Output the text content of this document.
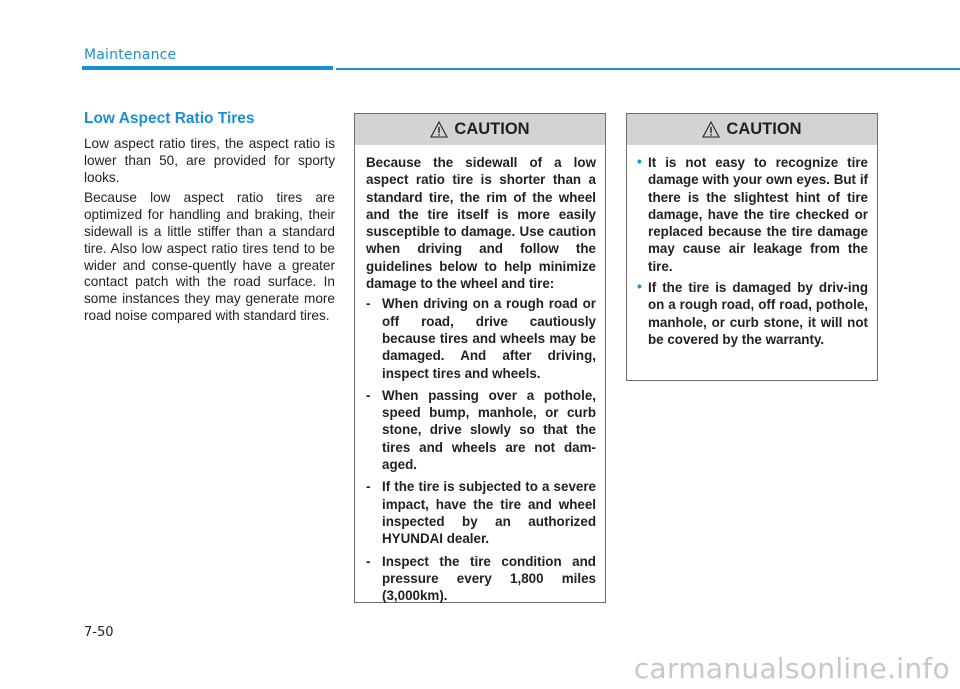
Maintenance
Low Aspect Ratio Tires

Low aspect ratio tires, the aspect ratio is lower than 50, are provided for sporty looks.

Because low aspect ratio tires are optimized for handling and braking, their sidewall is a little stiffer than a standard tire. Also low aspect ratio tires tend to be wider and conse-quently have a greater contact patch with the road surface. In some instances they may generate more road noise compared with standard tires.

CAUTION

Because the sidewall of a low aspect ratio tire is shorter than a standard tire, the rim of the wheel and the tire itself is more easily susceptible to damage. Use caution when driving and follow the guidelines below to help minimize damage to the wheel and tire:

- When driving on a rough road or off road, drive cautiously because tires and wheels may be damaged. And after driving, inspect tires and wheels.
- When passing over a pothole, speed bump, manhole, or curb stone, drive slowly so that the tires and wheels are not dam-aged.
- If the tire is subjected to a severe impact, have the tire and wheel inspected by an authorized HYUNDAI dealer.
- Inspect the tire condition and pressure every 1,800 miles (3,000km).
CAUTION
• It is not easy to recognize tire damage with your own eyes. But if there is the slightest hint of tire damage, have the tire checked or replaced because the tire damage may cause air leakage from the tire.
• If the tire is damaged by driv-ing on a rough road, off road, pothole, manhole, or curb stone, it will not be covered by the warranty.
7-50
carmanualsonline.info
